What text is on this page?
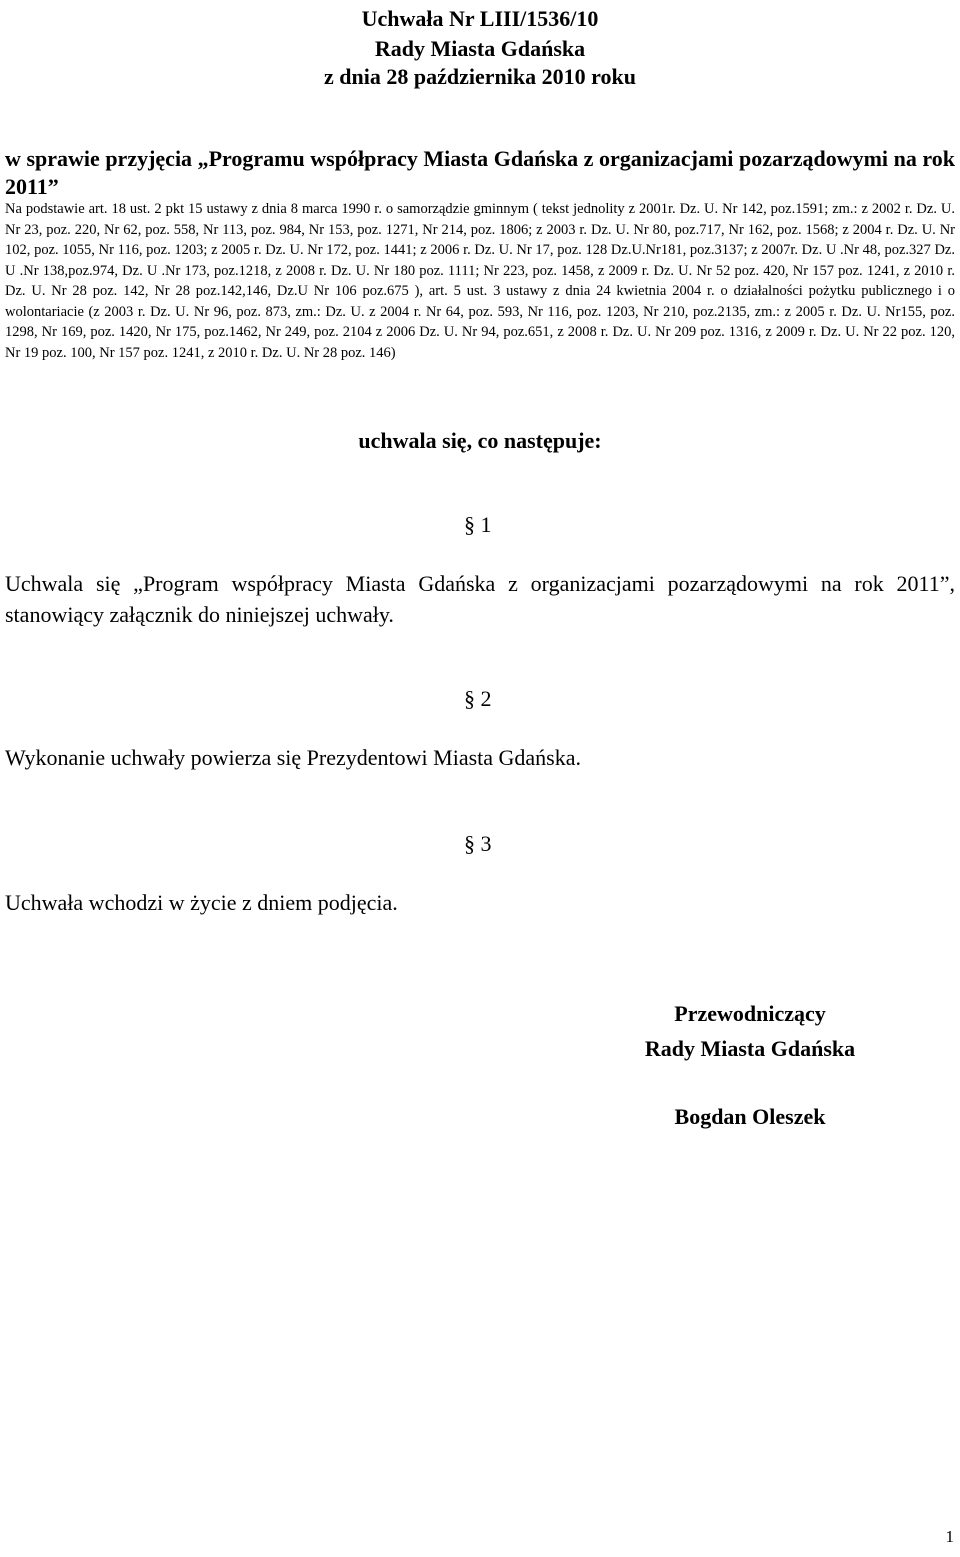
Uchwała Nr LIII/1536/10

Rady Miasta Gdańska

z dnia 28 października 2010 roku

w sprawie przyjęcia „Programu współpracy Miasta Gdańska z organizacjami pozarządowymi na rok 2011”

Na podstawie art. 18 ust. 2 pkt 15 ustawy z dnia 8 marca 1990 r. o samorządzie gminnym ( tekst jednolity z 2001r. Dz. U. Nr 142, poz.1591; zm.: z 2002 r. Dz. U. Nr 23, poz. 220, Nr 62, poz. 558, Nr 113, poz. 984, Nr 153, poz. 1271, Nr 214, poz. 1806; z 2003 r. Dz. U. Nr 80, poz.717, Nr 162, poz. 1568; z 2004 r. Dz. U. Nr 102, poz. 1055, Nr 116, poz. 1203; z 2005 r. Dz. U. Nr 172, poz. 1441; z 2006 r. Dz. U. Nr 17, poz. 128 Dz.U.Nr181, poz.3137; z 2007r. Dz. U .Nr 48, poz.327 Dz. U .Nr 138,poz.974, Dz. U .Nr 173, poz.1218, z 2008 r. Dz. U. Nr 180 poz. 1111; Nr 223, poz. 1458, z 2009 r. Dz. U. Nr 52 poz. 420, Nr 157 poz. 1241, z 2010 r. Dz. U. Nr 28 poz. 142, Nr 28 poz.142,146, Dz.U Nr 106 poz.675 ), art. 5 ust. 3 ustawy z dnia 24 kwietnia 2004 r. o działalności pożytku publicznego i o wolontariacie (z 2003 r. Dz. U. Nr 96, poz. 873, zm.: Dz. U. z 2004 r. Nr 64, poz. 593, Nr 116, poz. 1203, Nr 210, poz.2135, zm.: z 2005 r. Dz. U. Nr155, poz. 1298, Nr 169, poz. 1420, Nr 175, poz.1462, Nr 249, poz. 2104 z 2006 Dz. U. Nr 94, poz.651, z 2008 r. Dz. U. Nr 209 poz. 1316, z 2009 r. Dz. U. Nr 22 poz. 120, Nr 19 poz. 100, Nr 157 poz. 1241, z 2010 r. Dz. U. Nr 28 poz. 146)

uchwala się, co następuje:

§ 1

Uchwala się „Program współpracy Miasta Gdańska z organizacjami pozarządowymi na rok 2011”, stanowiący załącznik do niniejszej uchwały.

§ 2

Wykonanie uchwały powierza się Prezydentowi Miasta Gdańska.

§ 3

Uchwała wchodzi w życie z dniem podjęcia.

Przewodniczący

Rady Miasta Gdańska

Bogdan Oleszek

1
